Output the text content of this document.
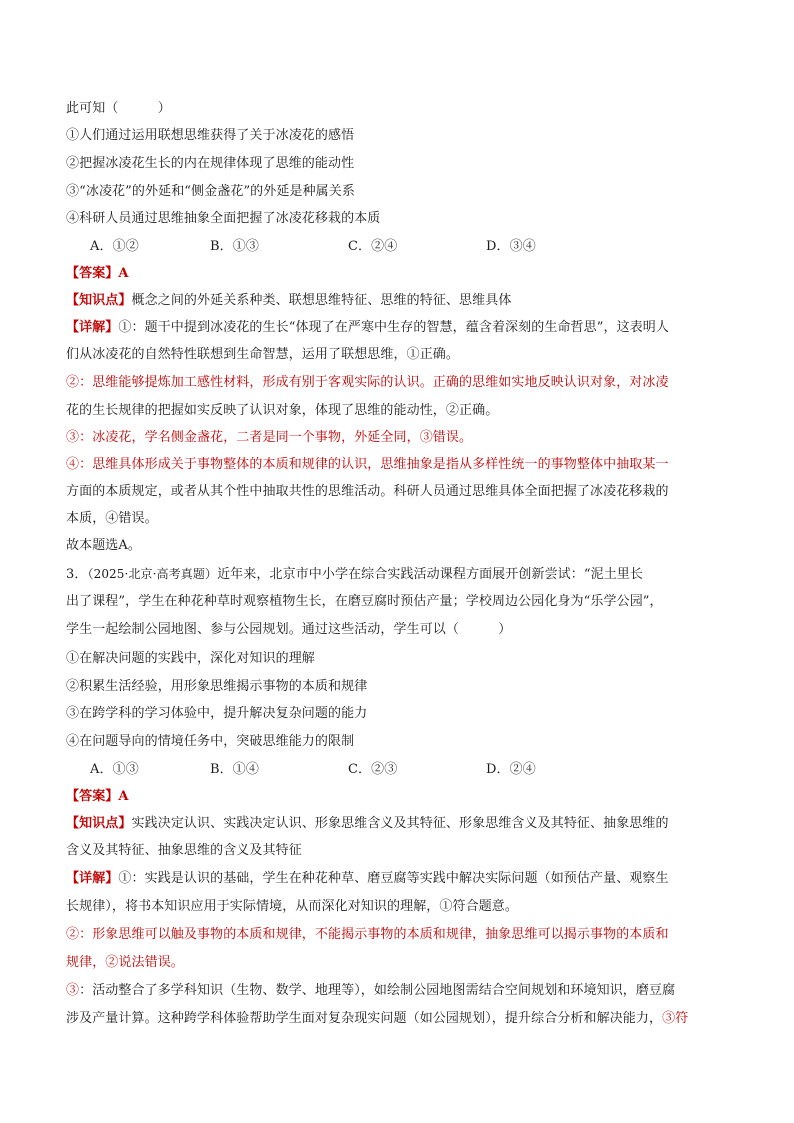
此可知（　　　）
①人们通过运用联想思维获得了关于冰凌花的感悟
②把握冰凌花生长的内在规律体现了思维的能动性
③“冰凌花”的外延和“侧金盏花”的外延是种属关系
④科研人员通过思维抽象全面把握了冰凌花移栽的本质
A．①②	B．①③	C．②④	D．③④
【答案】A
【知识点】概念之间的外延关系种类、联想思维特征、思维的特征、思维具体
【详解】①：题干中提到冰凌花的生长“体现了在严寒中生存的智慧，蕴含着深刻的生命哲思”，这表明人
们从冰凌花的自然特性联想到生命智慧，运用了联想思维，①正确。
②：思维能够提炼加工感性材料，形成有别于客观实际的认识。正确的思维如实地反映认识对象，对冰凌
花的生长规律的把握如实反映了认识对象，体现了思维的能动性，②正确。
③：冰凌花，学名侧金盏花，二者是同一个事物，外延全同，③错误。
④：思维具体形成关于事物整体的本质和规律的认识，思维抽象是指从多样性统一的事物整体中抽取某一
方面的本质规定，或者从其个性中抽取共性的思维活动。科研人员通过思维具体全面把握了冰凌花移栽的
本质，④错误。
故本题选A。
3．（2025·北京·高考真题）近年来，北京市中小学在综合实践活动课程方面展开创新尝试：“泥土里长
出了课程”，学生在种花种草时观察植物生长，在磨豆腐时预估产量；学校周边公园化身为“乐学公园”，
学生一起绘制公园地图、参与公园规划。通过这些活动，学生可以（　　　）
①在解决问题的实践中，深化对知识的理解
②积累生活经验，用形象思维揭示事物的本质和规律
③在跨学科的学习体验中，提升解决复杂问题的能力
④在问题导向的情境任务中，突破思维能力的限制
A．①③	B．①④	C．②③	D．②④
【答案】A
【知识点】实践决定认识、实践决定认识、形象思维含义及其特征、形象思维含义及其特征、抽象思维的
含义及其特征、抽象思维的含义及其特征
【详解】①：实践是认识的基础，学生在种花种草、磨豆腐等实践中解决实际问题（如预估产量、观察生
长规律），将书本知识应用于实际情境，从而深化对知识的理解，①符合题意。
②：形象思维可以触及事物的本质和规律，不能揭示事物的本质和规律，抽象思维可以揭示事物的本质和
规律，②说法错误。
③：活动整合了多学科知识（生物、数学、地理等），如绘制公园地图需结合空间规划和环境知识，磨豆腐
涉及产量计算。这种跨学科体验帮助学生面对复杂现实问题（如公园规划），提升综合分析和解决能力，③符
